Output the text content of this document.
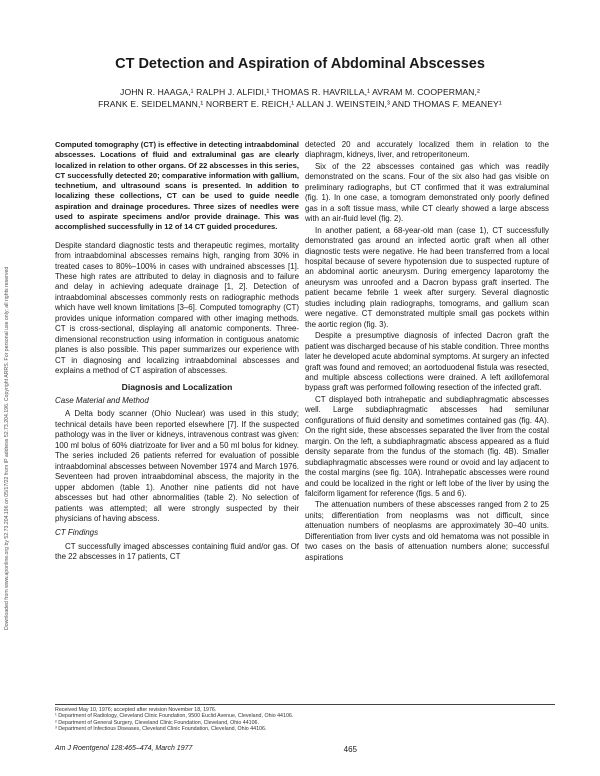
Downloaded from www.ajronline.org by 52.73.204.196 on 05/17/22 from IP address 52.73.204.196. Copyright ARRS. For personal use only; all rights reserved
CT Detection and Aspiration of Abdominal Abscesses
JOHN R. HAAGA,¹ RALPH J. ALFIDI,¹ THOMAS R. HAVRILLA,¹ AVRAM M. COOPERMAN,²
FRANK E. SEIDELMANN,¹ NORBERT E. REICH,¹ ALLAN J. WEINSTEIN,³ AND THOMAS F. MEANEY¹

Computed tomography (CT) is effective in detecting intraabdominal abscesses. Locations of fluid and extraluminal gas are clearly localized in relation to other organs. Of 22 abscesses in this series, CT successfully detected 20; comparative information with gallium, technetium, and ultrasound scans is presented. In addition to localizing these collections, CT can be used to guide needle aspiration and drainage procedures. Three sizes of needles were used to aspirate specimens and/or provide drainage. This was accomplished successfully in 12 of 14 CT guided procedures.

Despite standard diagnostic tests and therapeutic regimes, mortality from intraabdominal abscesses remains high, ranging from 30% in treated cases to 80%–100% in cases with undrained abscesses [1]. These high rates are attributed to delay in diagnosis and to failure and delay in achieving adequate drainage [1, 2]. Detection of intraabdominal abscesses commonly rests on radiographic methods which have well known limitations [3–6]. Computed tomography (CT) provides unique information compared with other imaging methods. CT is cross-sectional, displaying all anatomic components. Three-dimensional reconstruction using information in contiguous anatomic planes is also possible. This paper summarizes our experience with CT in diagnosing and localizing intraabdominal abscesses and explains a method of CT aspiration of abscesses.

Diagnosis and Localization
Case Material and Method

A Delta body scanner (Ohio Nuclear) was used in this study; technical details have been reported elsewhere [7]. If the suspected pathology was in the liver or kidneys, intravenous contrast was given: 100 ml bolus of 60% diatrizoate for liver and a 50 ml bolus for kidney. The series included 26 patients referred for evaluation of possible intraabdominal abscesses between November 1974 and March 1976. Seventeen had proven intraabdominal abscess, the majority in the upper abdomen (table 1). Another nine patients did not have abscesses but had other abnormalities (table 2). No selection of patients was attempted; all were strongly suspected by their physicians of having abscess.

CT Findings

CT successfully imaged abscesses containing fluid and/or gas. Of the 22 abscesses in 17 patients, CT

detected 20 and accurately localized them in relation to the diaphragm, kidneys, liver, and retroperitoneum.

Six of the 22 abscesses contained gas which was readily demonstrated on the scans. Four of the six also had gas visible on preliminary radiographs, but CT confirmed that it was extraluminal (fig. 1). In one case, a tomogram demonstrated only poorly defined gas in a soft tissue mass, while CT clearly showed a large abscess with an air-fluid level (fig. 2).

In another patient, a 68-year-old man (case 1), CT successfully demonstrated gas around an infected aortic graft when all other diagnostic tests were negative. He had been transferred from a local hospital because of severe hypotension due to suspected rupture of an abdominal aortic aneurysm. During emergency laparotomy the aneurysm was unroofed and a Dacron bypass graft inserted. The patient became febrile 1 week after surgery. Several diagnostic studies including plain radiographs, tomograms, and gallium scan were negative. CT demonstrated multiple small gas pockets within the aortic region (fig. 3).

Despite a presumptive diagnosis of infected Dacron graft the patient was discharged because of his stable condition. Three months later he developed acute abdominal symptoms. At surgery an infected graft was found and removed; an aortoduodenal fistula was resected, and multiple abscess collections were drained. A left axillofemoral bypass graft was performed following resection of the infected graft.

CT displayed both intrahepatic and subdiaphragmatic abscesses well. Large subdiaphragmatic abscesses had semilunar configurations of fluid density and sometimes contained gas (fig. 4A). On the right side, these abscesses separated the liver from the costal margin. On the left, a subdiaphragmatic abscess appeared as a fluid density separate from the fundus of the stomach (fig. 4B). Smaller subdiaphragmatic abscesses were round or ovoid and lay adjacent to the costal margins (see fig. 10A). Intrahepatic abscesses were round and could be localized in the right or left lobe of the liver by using the falciform ligament for reference (figs. 5 and 6).

The attenuation numbers of these abscesses ranged from 2 to 25 units; differentiation from neoplasms was not difficult, since attenuation numbers of neoplasms are approximately 30–40 units. Differentiation from liver cysts and old hematoma was not possible in two cases on the basis of attenuation numbers alone; successful aspirations

Received May 10, 1976; accepted after revision November 18, 1976.
¹ Department of Radiology, Cleveland Clinic Foundation, 9500 Euclid Avenue, Cleveland, Ohio 44106.
² Department of General Surgery, Cleveland Clinic Foundation, Cleveland, Ohio 44106.
³ Department of Infectious Diseases, Cleveland Clinic Foundation, Cleveland, Ohio 44106.
Am J Roentgenol 128:465–474, March 1977	465
